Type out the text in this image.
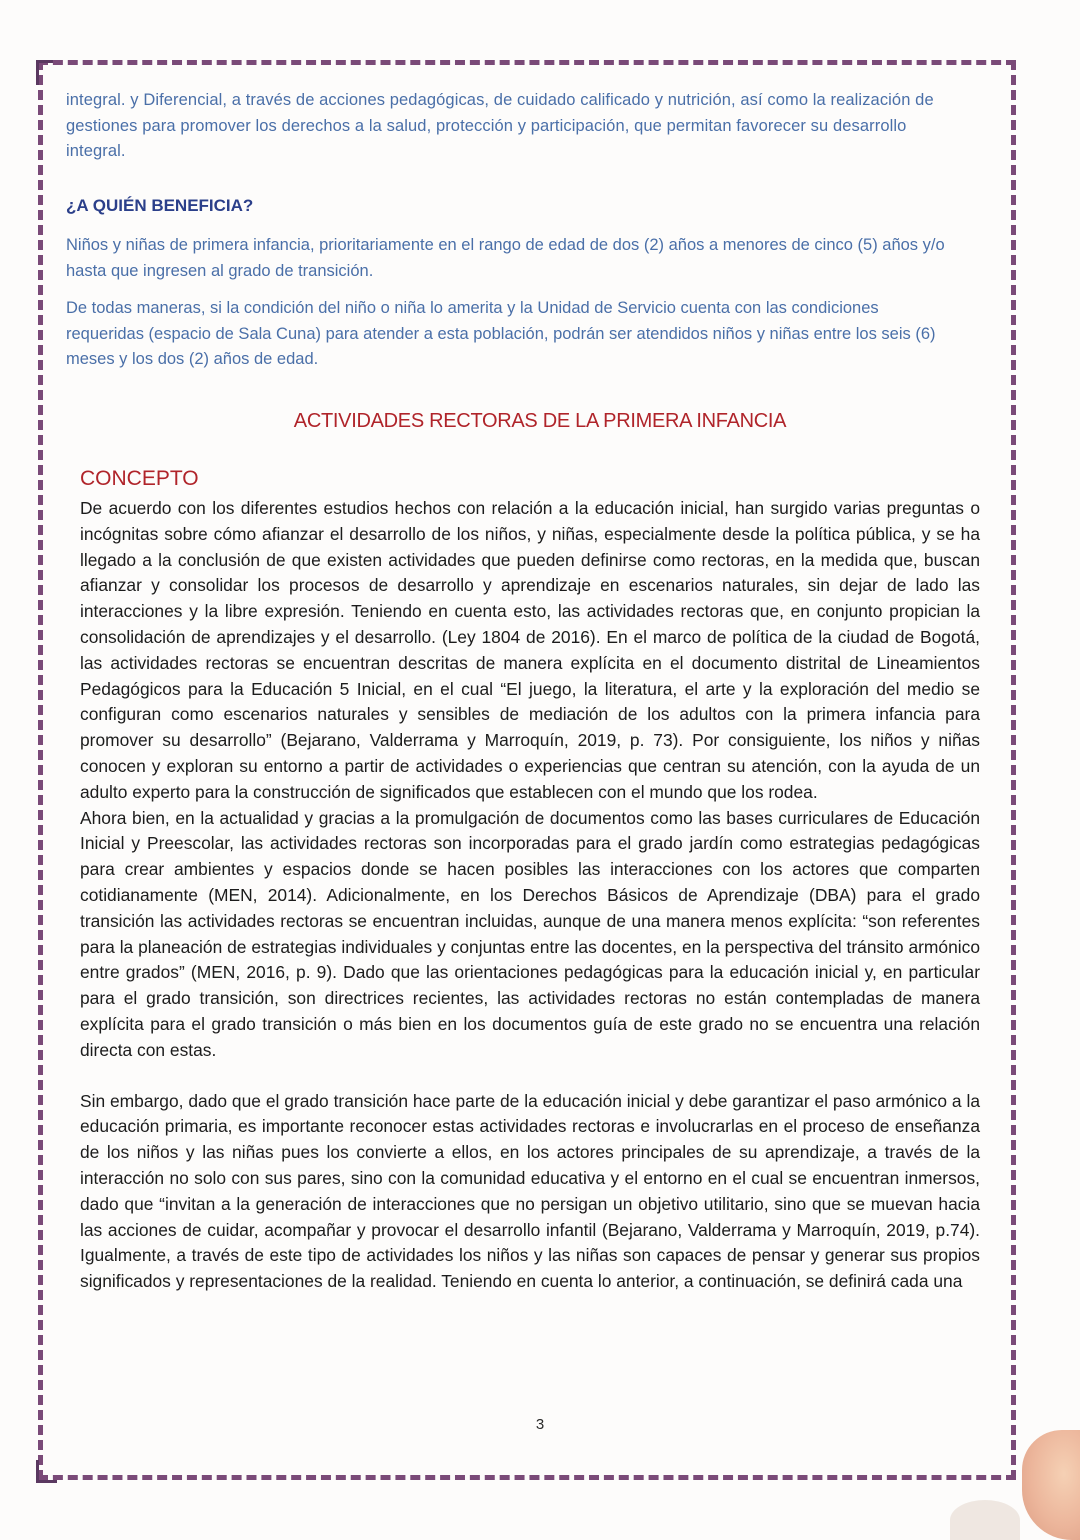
integral. y Diferencial, a través de acciones pedagógicas, de cuidado calificado y nutrición, así como la realización de gestiones para promover los derechos a la salud, protección y participación, que permitan favorecer su desarrollo integral.

¿A QUIÉN BENEFICIA?

Niños y niñas de primera infancia, prioritariamente en el rango de edad de dos (2) años a menores de cinco (5) años y/o hasta que ingresen al grado de transición.

De todas maneras, si la condición del niño o niña lo amerita y la Unidad de Servicio cuenta con las condiciones requeridas (espacio de Sala Cuna) para atender a esta población, podrán ser atendidos niños y niñas entre los seis (6) meses y los dos (2) años de edad.

ACTIVIDADES RECTORAS DE LA PRIMERA INFANCIA
CONCEPTO

De acuerdo con los diferentes estudios hechos con relación a la educación inicial, han surgido varias preguntas o incógnitas sobre cómo afianzar el desarrollo de los niños, y niñas, especialmente desde la política pública, y se ha llegado a la conclusión de que existen actividades que pueden definirse como rectoras, en la medida que, buscan afianzar y consolidar los procesos de desarrollo y aprendizaje en escenarios naturales, sin dejar de lado las interacciones y la libre expresión. Teniendo en cuenta esto, las actividades rectoras que, en conjunto propician la consolidación de aprendizajes y el desarrollo. (Ley 1804 de 2016). En el marco de política de la ciudad de Bogotá, las actividades rectoras se encuentran descritas de manera explícita en el documento distrital de Lineamientos Pedagógicos para la Educación 5 Inicial, en el cual “El juego, la literatura, el arte y la exploración del medio se configuran como escenarios naturales y sensibles de mediación de los adultos con la primera infancia para promover su desarrollo” (Bejarano, Valderrama y Marroquín, 2019, p. 73). Por consiguiente, los niños y niñas conocen y exploran su entorno a partir de actividades o experiencias que centran su atención, con la ayuda de un adulto experto para la construcción de significados que establecen con el mundo que los rodea.

Ahora bien, en la actualidad y gracias a la promulgación de documentos como las bases curriculares de Educación Inicial y Preescolar, las actividades rectoras son incorporadas para el grado jardín como estrategias pedagógicas para crear ambientes y espacios donde se hacen posibles las interacciones con los actores que comparten cotidianamente (MEN, 2014). Adicionalmente, en los Derechos Básicos de Aprendizaje (DBA) para el grado transición las actividades rectoras se encuentran incluidas, aunque de una manera menos explícita: “son referentes para la planeación de estrategias individuales y conjuntas entre las docentes, en la perspectiva del tránsito armónico entre grados” (MEN, 2016, p. 9). Dado que las orientaciones pedagógicas para la educación inicial y, en particular para el grado transición, son directrices recientes, las actividades rectoras no están contempladas de manera explícita para el grado transición o más bien en los documentos guía de este grado no se encuentra una relación directa con estas.

Sin embargo, dado que el grado transición hace parte de la educación inicial y debe garantizar el paso armónico a la educación primaria, es importante reconocer estas actividades rectoras e involucrarlas en el proceso de enseñanza de los niños y las niñas pues los convierte a ellos, en los actores principales de su aprendizaje, a través de la interacción no solo con sus pares, sino con la comunidad educativa y el entorno en el cual se encuentran inmersos, dado que “invitan a la generación de interacciones que no persigan un objetivo utilitario, sino que se muevan hacia las acciones de cuidar, acompañar y provocar el desarrollo infantil (Bejarano, Valderrama y Marroquín, 2019, p.74). Igualmente, a través de este tipo de actividades los niños y las niñas son capaces de pensar y generar sus propios significados y representaciones de la realidad. Teniendo en cuenta lo anterior, a continuación, se definirá cada una

3
